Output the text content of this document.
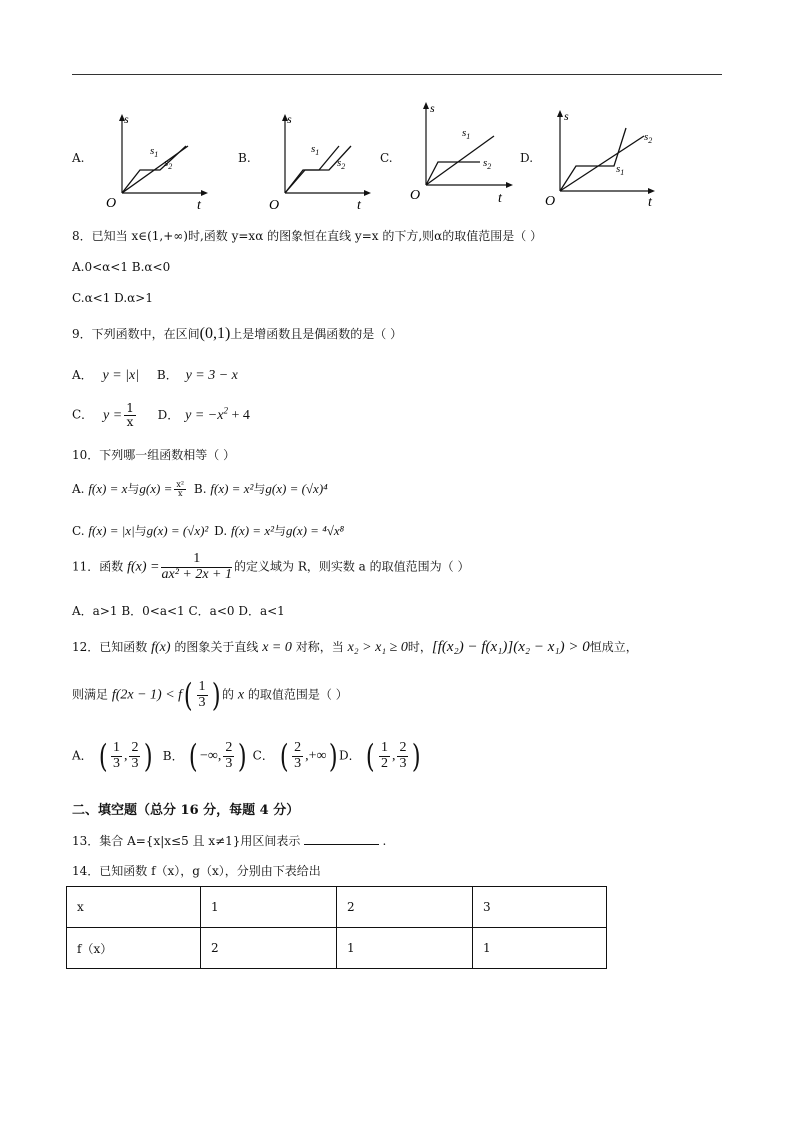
A.
s
O	t
$s_1$
$s_2$
B.
s
O	t
$s_1$
$s_2$
C.
s
O	t
$s_1$
$s_2$
D.
s
O	t
$s_2$
$s_1$
8．已知当 x∈(1,+∞)时,函数 y=xα 的图象恒在直线 y=x 的下方,则α的取值范围是（ ）
A.0<α<1 B.α<0
C.α<1 D.α>1
9．下列函数中，在区间(0,1)上是增函数且是偶函数的是（ ）
A． y = |x| B． y = 3 − x
C． $y = \frac{1}{x}$ D． $y = -x^2 + 4$
10．下列哪一组函数相等（ ）
A. f(x) = x与$g(x) = \frac{\text{x²}}{x} B$. f(x) = x²与g(x) = (√x)⁴
C. f(x) = |x|与g(x) = (√x)² D. f(x) = x²与g(x) = ⁴√x⁸
11．函数 $f(x) = \frac{1}{\text{ax² + 2x + 1}}$ 的定义域为 R，则实数 a 的取值范围为（ ）
A．a>1 B．0<a<1 C．a<0 D．a<1
12．已知函数 f(x) 的图象关于直线 x = 0 对称，当 x₂ > x₁ ≥ 0时，[f(x₂) − f(x₁)](x₂ − x₁) > 0恒成立，
则满足 $f(2x - 1) < f( \frac{1}{3}$ ) 的 x 的取值范围是（ ）
A． ( $\frac{1}{3}$ , $\frac{2}{3}$ ) B． ( −∞, $\frac{2}{3}$ ) C． ( $\frac{2}{3}$ ,+∞) D． ( $\frac{1}{2}$ , $\frac{2}{3}$ )
二、填空题（总分 16 分，每题 4 分）
13．集合 A={x|x≤5 且 x≠1}用区间表示	.
14．已知函数 f（x），g（x），分别由下表给出
x	1	2	3
f（x）	2	1	1
